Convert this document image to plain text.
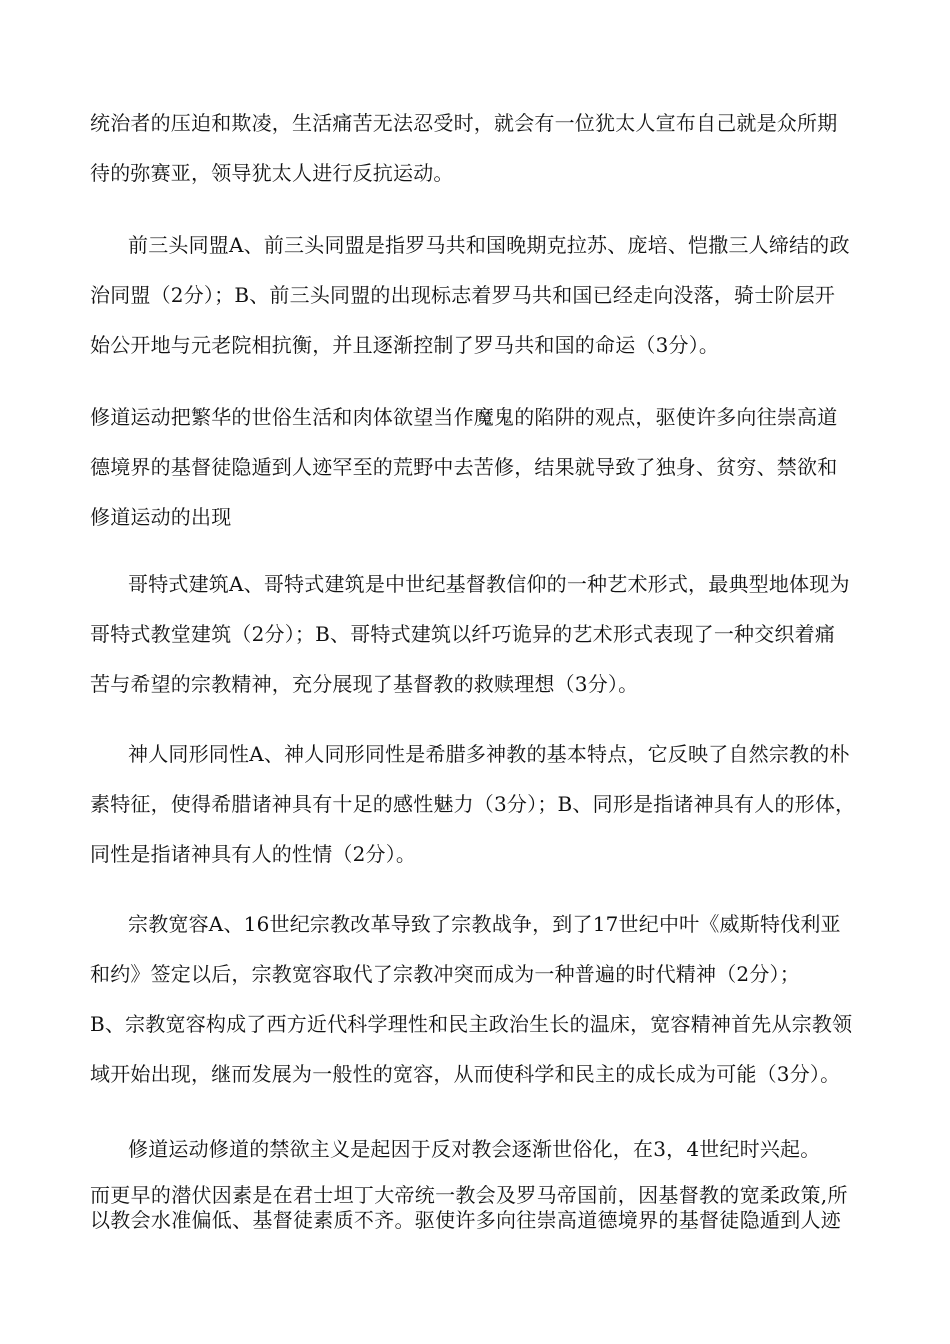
统治者的压迫和欺凌，生活痛苦无法忍受时，就会有一位犹太人宣布自己就是众所期
待的弥赛亚，领导犹太人进行反抗运动。
前三头同盟A、前三头同盟是指罗马共和国晚期克拉苏、庞培、恺撒三人缔结的政
治同盟（2分）；B、前三头同盟的出现标志着罗马共和国已经走向没落，骑士阶层开
始公开地与元老院相抗衡，并且逐渐控制了罗马共和国的命运（3分）。
修道运动把繁华的世俗生活和肉体欲望当作魔鬼的陷阱的观点，驱使许多向往崇高道
德境界的基督徒隐遁到人迹罕至的荒野中去苦修，结果就导致了独身、贫穷、禁欲和
修道运动的出现
哥特式建筑A、哥特式建筑是中世纪基督教信仰的一种艺术形式，最典型地体现为
哥特式教堂建筑（2分）；B、哥特式建筑以纤巧诡异的艺术形式表现了一种交织着痛
苦与希望的宗教精神，充分展现了基督教的救赎理想（3分）。
神人同形同性A、神人同形同性是希腊多神教的基本特点，它反映了自然宗教的朴
素特征，使得希腊诸神具有十足的感性魅力（3分）；B、同形是指诸神具有人的形体，
同性是指诸神具有人的性情（2分）。
宗教宽容A、16世纪宗教改革导致了宗教战争，到了17世纪中叶《威斯特伐利亚
和约》签定以后，宗教宽容取代了宗教冲突而成为一种普遍的时代精神（2分）；
B、宗教宽容构成了西方近代科学理性和民主政治生长的温床，宽容精神首先从宗教领
域开始出现，继而发展为一般性的宽容，从而使科学和民主的成长成为可能（3分）。
修道运动修道的禁欲主义是起因于反对教会逐渐世俗化，在3，4世纪时兴起。
而更早的潜伏因素是在君士坦丁大帝统一教会及罗马帝国前，因基督教的宽柔政策,所
以教会水准偏低、基督徒素质不齐。驱使许多向往崇高道德境界的基督徒隐遁到人迹
